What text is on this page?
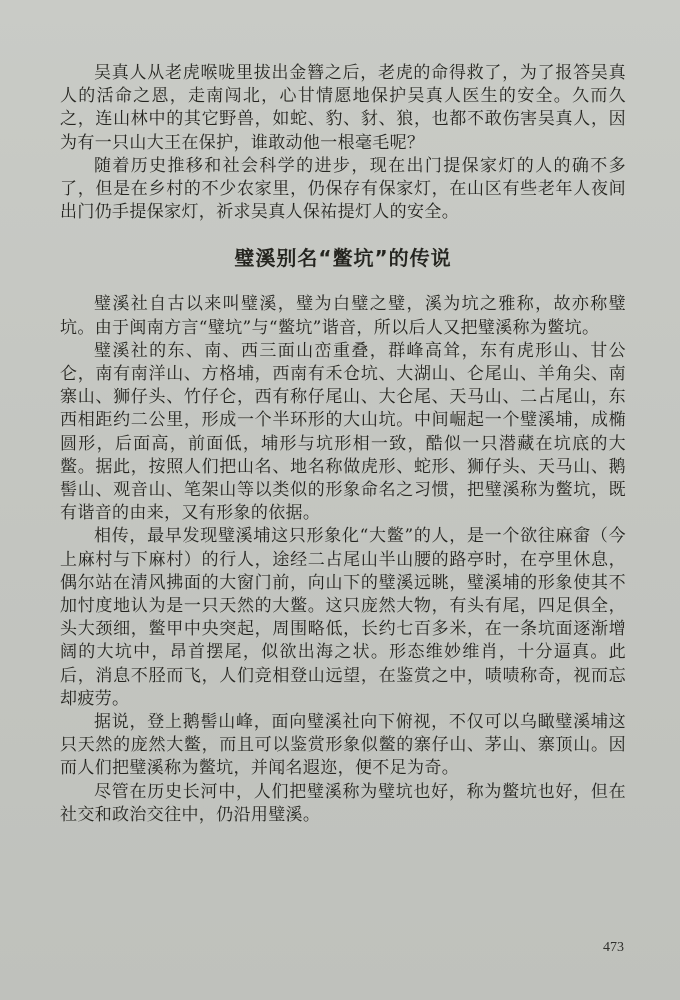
吴真人从老虎喉咙里拔出金簪之后，老虎的命得救了，为了报答吴真人的活命之恩，走南闯北，心甘情愿地保护吴真人医生的安全。久而久之，连山林中的其它野兽，如蛇、豹、豺、狼，也都不敢伤害吴真人，因为有一只山大王在保护，谁敢动他一根毫毛呢？

随着历史推移和社会科学的进步，现在出门提保家灯的人的确不多了，但是在乡村的不少农家里，仍保存有保家灯，在山区有些老年人夜间出门仍手提保家灯，祈求吴真人保祐提灯人的安全。

璧溪别名“鳖坑”的传说

璧溪社自古以来叫璧溪，璧为白璧之璧，溪为坑之雅称，故亦称璧坑。由于闽南方言“璧坑”与“鳖坑”谐音，所以后人又把璧溪称为鳖坑。

璧溪社的东、南、西三面山峦重叠，群峰高耸，东有虎形山、甘公仑，南有南洋山、方格埔，西南有禾仓坑、大湖山、仑尾山、羊角尖、南寨山、狮仔头、竹仔仑，西有称仔尾山、大仑尾、天马山、二占尾山，东西相距约二公里，形成一个半环形的大山坑。中间崛起一个璧溪埔，成椭圆形，后面高，前面低，埔形与坑形相一致，酷似一只潜藏在坑底的大鳖。据此，按照人们把山名、地名称做虎形、蛇形、狮仔头、天马山、鹅髻山、观音山、笔架山等以类似的形象命名之习惯，把璧溪称为鳖坑，既有谐音的由来，又有形象的依据。

相传，最早发现璧溪埔这只形象化“大鳖”的人，是一个欲往麻畲（今上麻村与下麻村）的行人，途经二占尾山半山腰的路亭时，在亭里休息，偶尔站在清风拂面的大窗门前，向山下的璧溪远眺，璧溪埔的形象使其不加忖度地认为是一只天然的大鳖。这只庞然大物，有头有尾，四足俱全，头大颈细，鳖甲中央突起，周围略低，长约七百多米，在一条坑面逐渐增阔的大坑中，昂首摆尾，似欲出海之状。形态维妙维肖，十分逼真。此后，消息不胫而飞，人们竞相登山远望，在鉴赏之中，啧啧称奇，视而忘却疲劳。

据说，登上鹅髻山峰，面向璧溪社向下俯视，不仅可以乌瞰璧溪埔这只天然的庞然大鳖，而且可以鉴赏形象似鳖的寨仔山、茅山、寨顶山。因而人们把璧溪称为鳖坑，并闻名遐迩，便不足为奇。

尽管在历史长河中，人们把璧溪称为璧坑也好，称为鳖坑也好，但在社交和政治交往中，仍沿用璧溪。

473
